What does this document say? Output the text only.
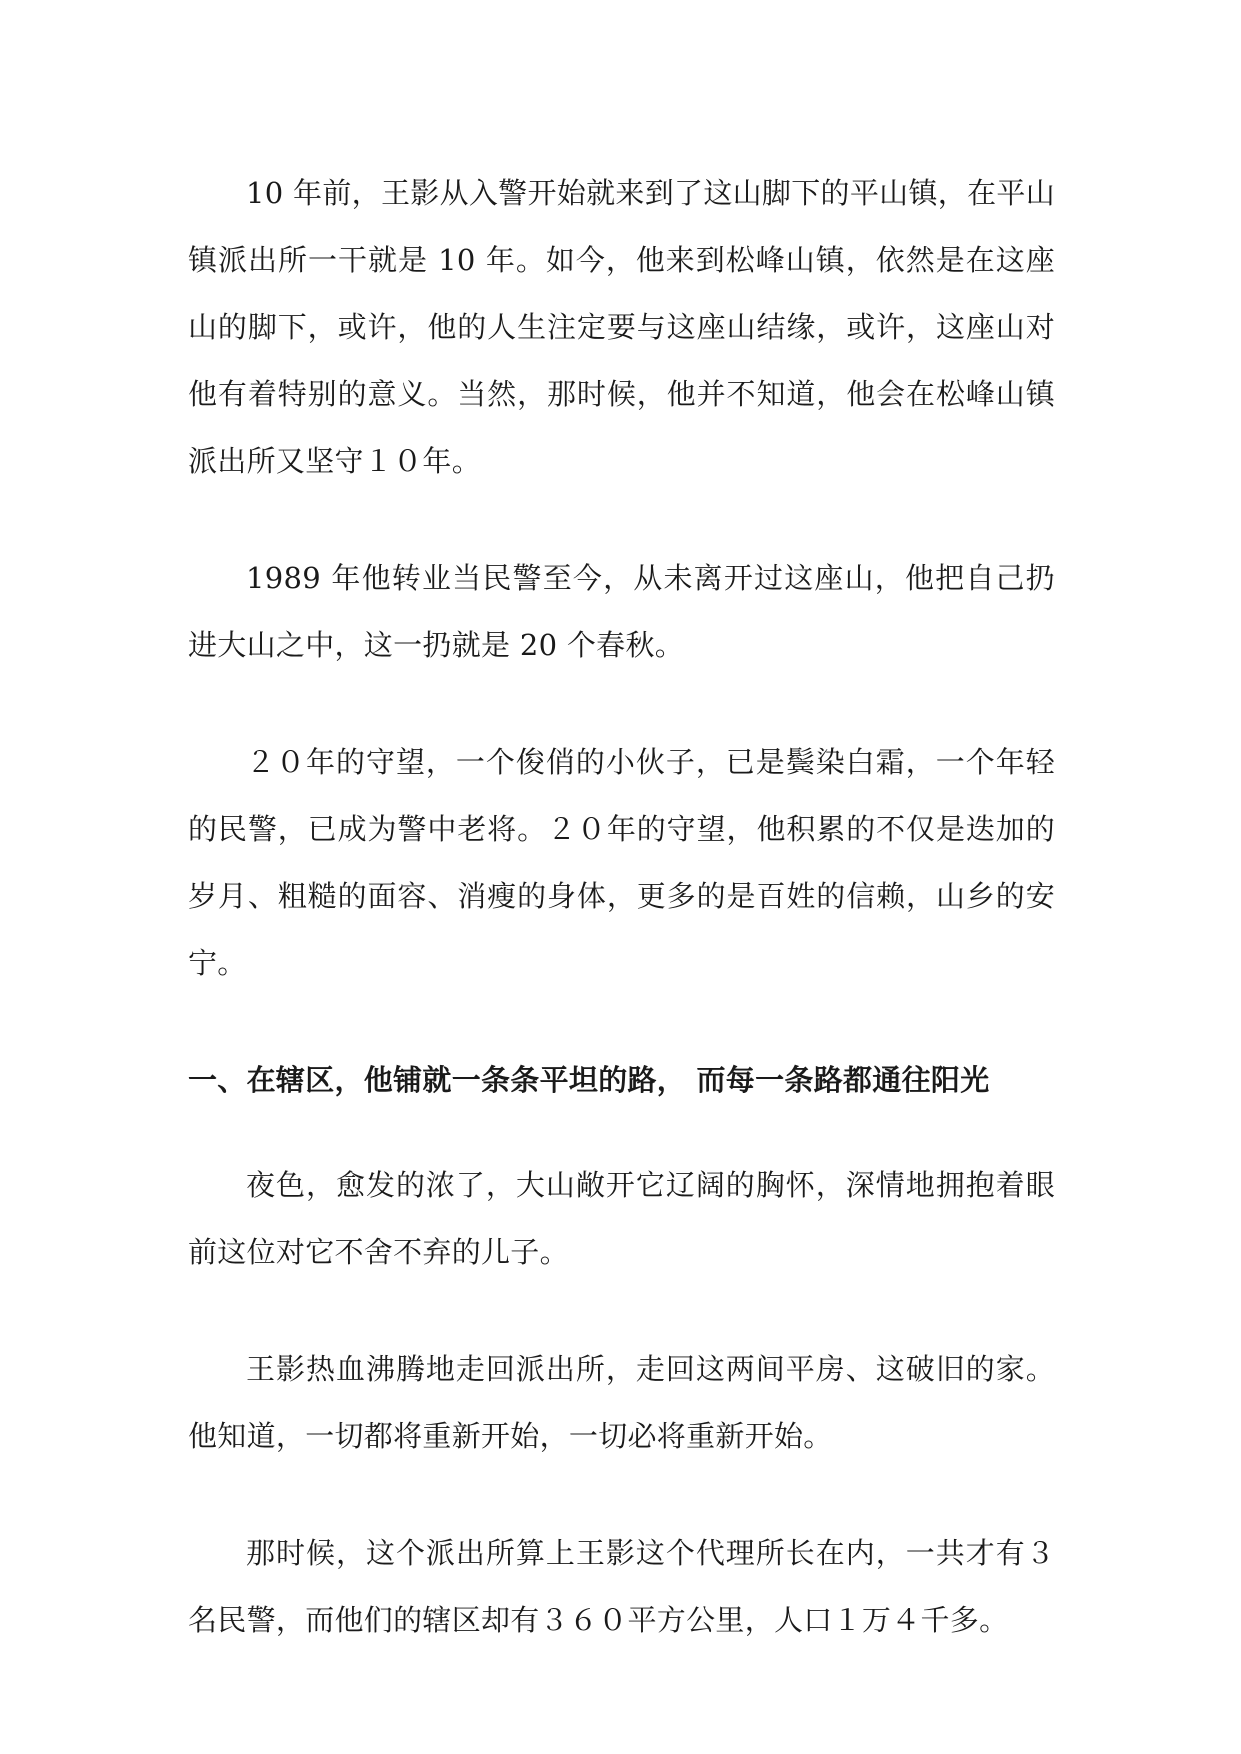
10 年前，王影从入警开始就来到了这山脚下的平山镇，在平山镇派出所一干就是 10 年。如今，他来到松峰山镇，依然是在这座山的脚下，或许，他的人生注定要与这座山结缘，或许，这座山对他有着特别的意义。当然，那时候，他并不知道，他会在松峰山镇派出所又坚守１０年。

1989 年他转业当民警至今，从未离开过这座山，他把自己扔进大山之中，这一扔就是 20 个春秋。

２０年的守望，一个俊俏的小伙子，已是鬓染白霜，一个年轻的民警，已成为警中老将。２０年的守望，他积累的不仅是迭加的岁月、粗糙的面容、消瘦的身体，更多的是百姓的信赖，山乡的安宁。

一、在辖区，他铺就一条条平坦的路， 而每一条路都通往阳光

夜色，愈发的浓了，大山敞开它辽阔的胸怀，深情地拥抱着眼前这位对它不舍不弃的儿子。

王影热血沸腾地走回派出所，走回这两间平房、这破旧的家。他知道，一切都将重新开始，一切必将重新开始。

那时候，这个派出所算上王影这个代理所长在内，一共才有３名民警，而他们的辖区却有３６０平方公里，人口１万４千多。
